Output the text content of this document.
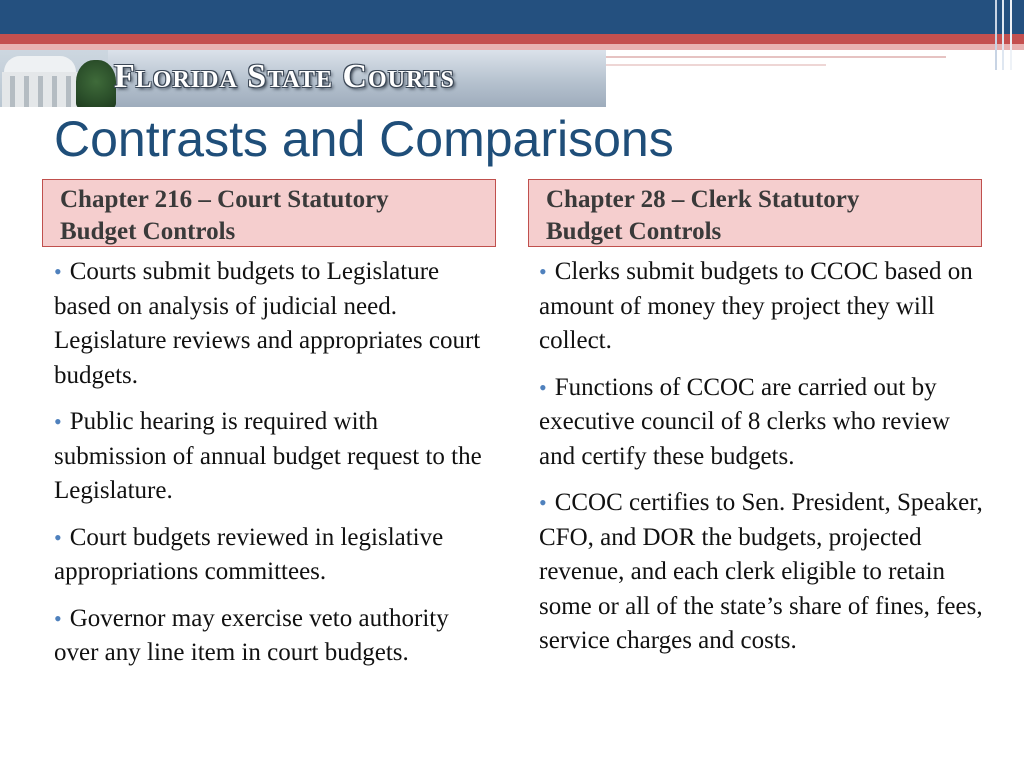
Florida State Courts
Contrasts and Comparisons
Chapter 216 – Court Statutory
Budget Controls
Chapter 28 – Clerk Statutory
Budget Controls
• Courts submit budgets to Legislature based on analysis of judicial need. Legislature reviews and appropriates court budgets.
• Public hearing is required with submission of annual budget request to the Legislature.
• Court budgets reviewed in legislative appropriations committees.
• Governor may exercise veto authority over any line item in court budgets.
• Clerks submit budgets to CCOC based on amount of money they project they will collect.
• Functions of CCOC are carried out by executive council of 8 clerks who review and certify these budgets.
• CCOC certifies to Sen. President, Speaker, CFO, and DOR the budgets, projected revenue, and each clerk eligible to retain some or all of the state’s share of fines, fees, service charges and costs.
